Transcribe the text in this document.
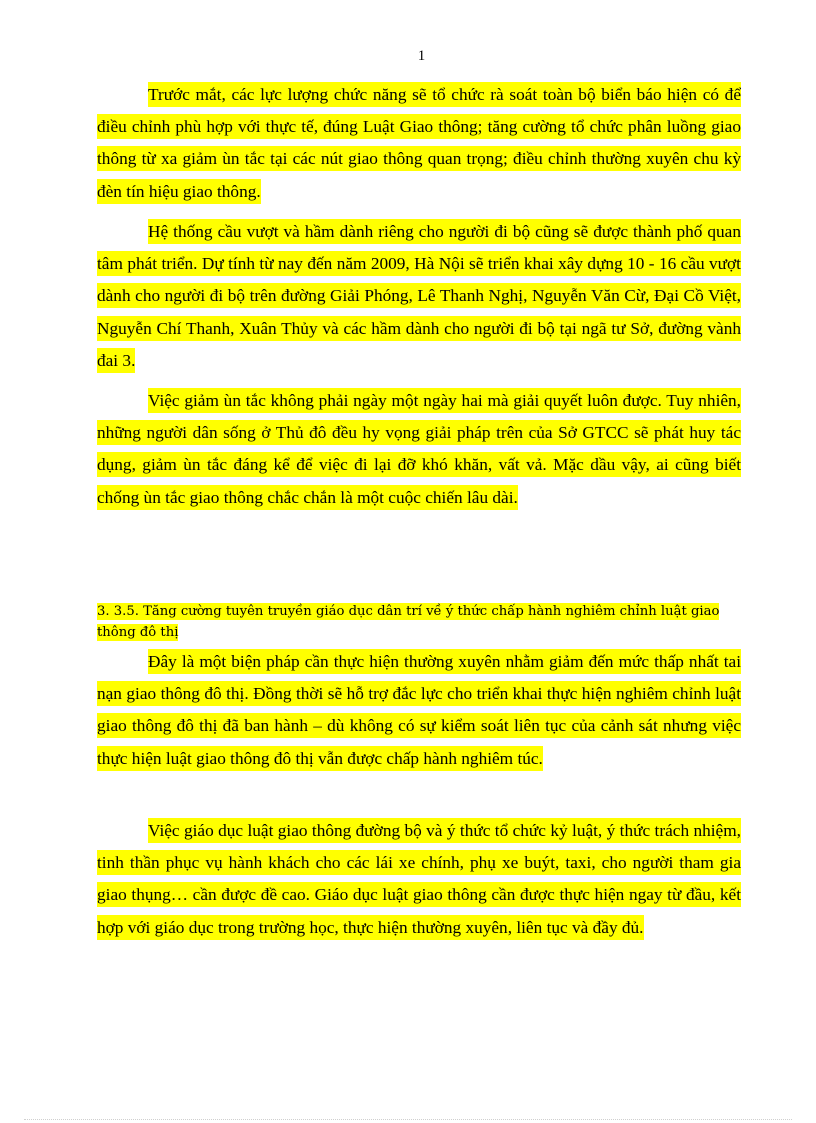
1

Trước mắt, các lực lượng chức năng sẽ tổ chức rà soát toàn bộ biển báo hiện có để điều chỉnh phù hợp với thực tế, đúng Luật Giao thông; tăng cường tổ chức phân luồng giao thông từ xa giảm ùn tắc tại các nút giao thông quan trọng; điều chỉnh thường xuyên chu kỳ đèn tín hiệu giao thông.

Hệ thống cầu vượt và hầm dành riêng cho người đi bộ cũng sẽ được thành phố quan tâm phát triển. Dự tính từ nay đến năm 2009, Hà Nội sẽ triển khai xây dựng 10 - 16 cầu vượt dành cho người đi bộ trên đường Giải Phóng, Lê Thanh Nghị, Nguyễn Văn Cừ, Đại Cồ Việt, Nguyễn Chí Thanh, Xuân Thủy và các hầm dành cho người đi bộ tại ngã tư Sở, đường vành đai 3.

Việc giảm ùn tắc không phải ngày một ngày hai mà giải quyết luôn được. Tuy nhiên, những người dân sống ở Thủ đô đều hy vọng giải pháp trên của Sở GTCC sẽ phát huy tác dụng, giảm ùn tắc đáng kể để việc đi lại đỡ khó khăn, vất vả. Mặc dầu vậy, ai cũng biết chống ùn tắc giao thông chắc chắn là một cuộc chiến lâu dài.

3. 3.5. Tăng cường tuyên truyền giáo dục dân trí về ý thức chấp hành nghiêm chỉnh luật giao thông đô thị

Đây là một biện pháp cần thực hiện thường xuyên nhằm giảm đến mức thấp nhất tai nạn giao thông đô thị. Đồng thời sẽ hỗ trợ đắc lực cho triển khai thực hiện nghiêm chỉnh luật giao thông đô thị đã ban hành – dù không có sự kiểm soát liên tục của cảnh sát nhưng việc thực hiện luật giao thông đô thị vẫn được chấp hành nghiêm túc.

Việc giáo dục luật giao thông đường bộ và ý thức tổ chức kỷ luật, ý thức trách nhiệm, tinh thần phục vụ hành khách cho các lái xe chính, phụ xe buýt, taxi, cho người tham gia giao thụng… cần được đề cao. Giáo dục luật giao thông cần được thực hiện ngay từ đầu, kết hợp với giáo dục trong trường học, thực hiện thường xuyên, liên tục và đầy đủ.
